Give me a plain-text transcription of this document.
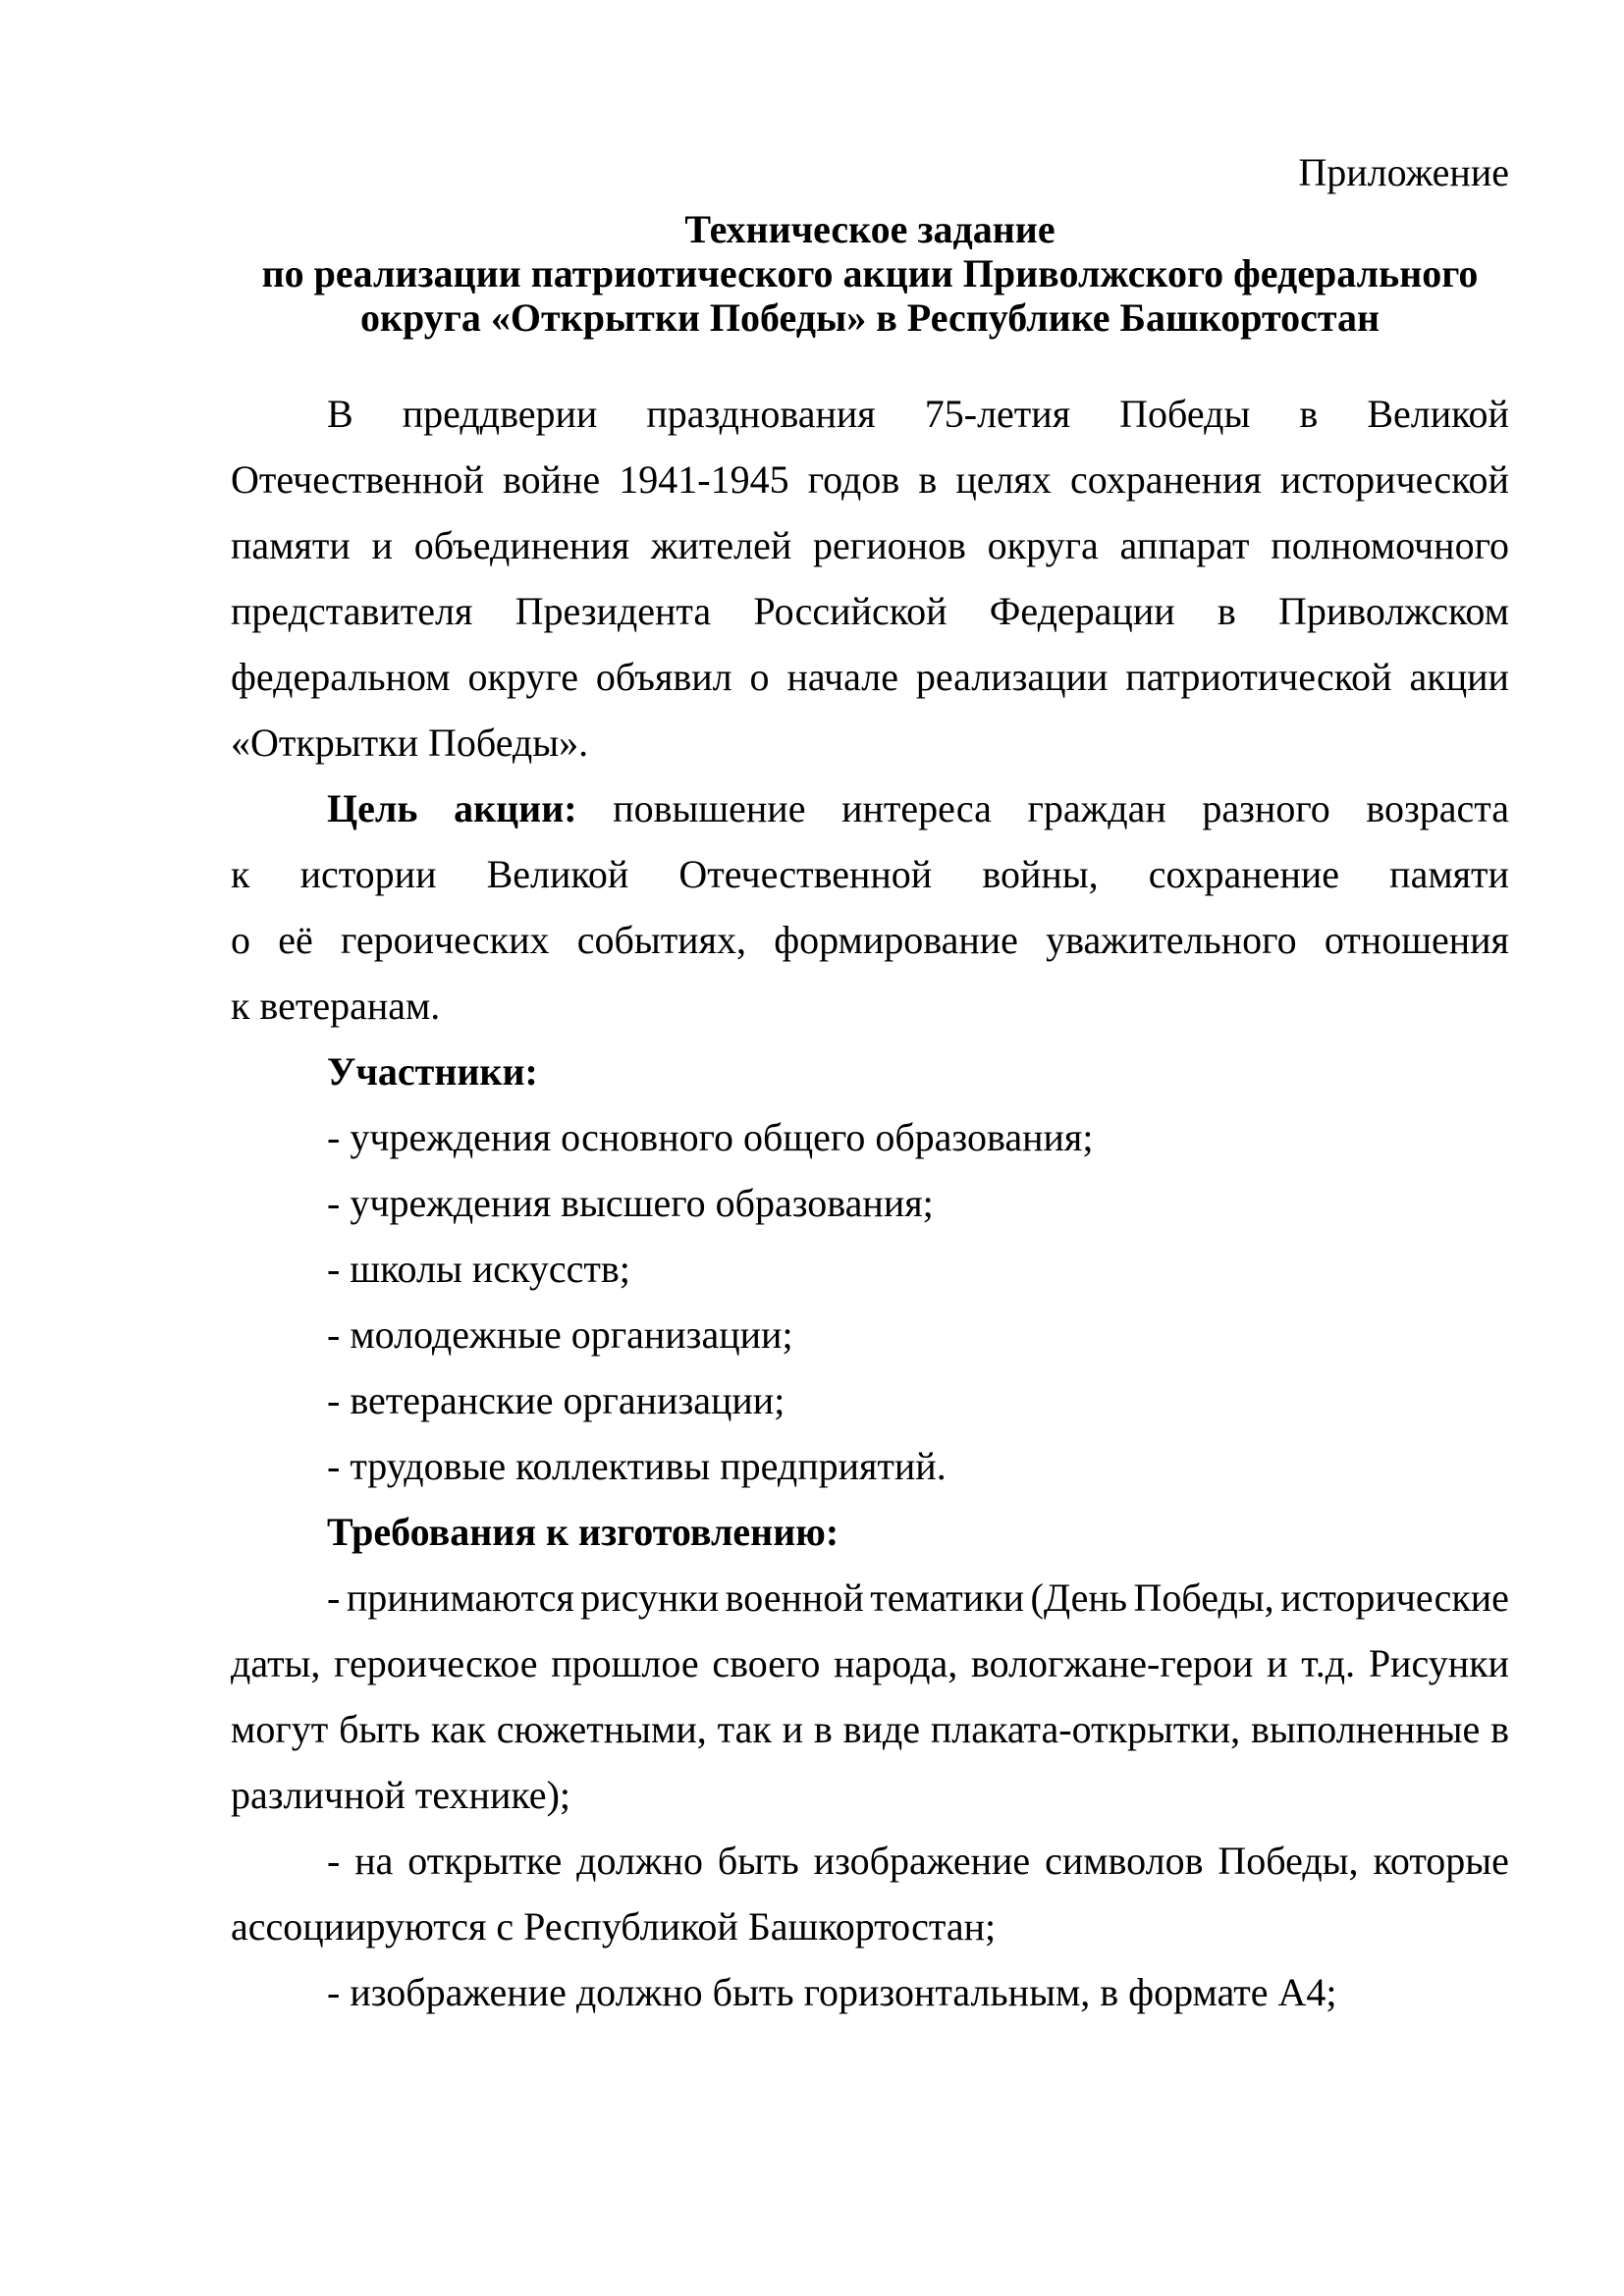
Приложение
Техническое задание
по реализации патриотического акции Приволжского федерального
округа «Открытки Победы» в Республике Башкортостан
В преддверии празднования 75-летия Победы в Великой
Отечественной войне 1941-1945 годов в целях сохранения исторической
памяти и объединения жителей регионов округа аппарат полномочного
представителя Президента Российской Федерации в Приволжском
федеральном округе объявил о начале реализации патриотической акции
«Открытки Победы».
Цель акции: повышение интереса граждан разного возраста
к истории Великой Отечественной войны, сохранение памяти
о её героических событиях, формирование уважительного отношения
к ветеранам.
Участники:
- учреждения основного общего образования;
- учреждения высшего образования;
- школы искусств;
- молодежные организации;
- ветеранские организации;
- трудовые коллективы предприятий.
Требования к изготовлению:
- принимаются рисунки военной тематики (День Победы, исторические
даты, героическое прошлое своего народа, вологжане-герои и т.д. Рисунки
могут быть как сюжетными, так и в виде плаката-открытки, выполненные в
различной технике);
- на открытке должно быть изображение символов Победы, которые
ассоциируются с Республикой Башкортостан;
- изображение должно быть горизонтальным, в формате А4;
